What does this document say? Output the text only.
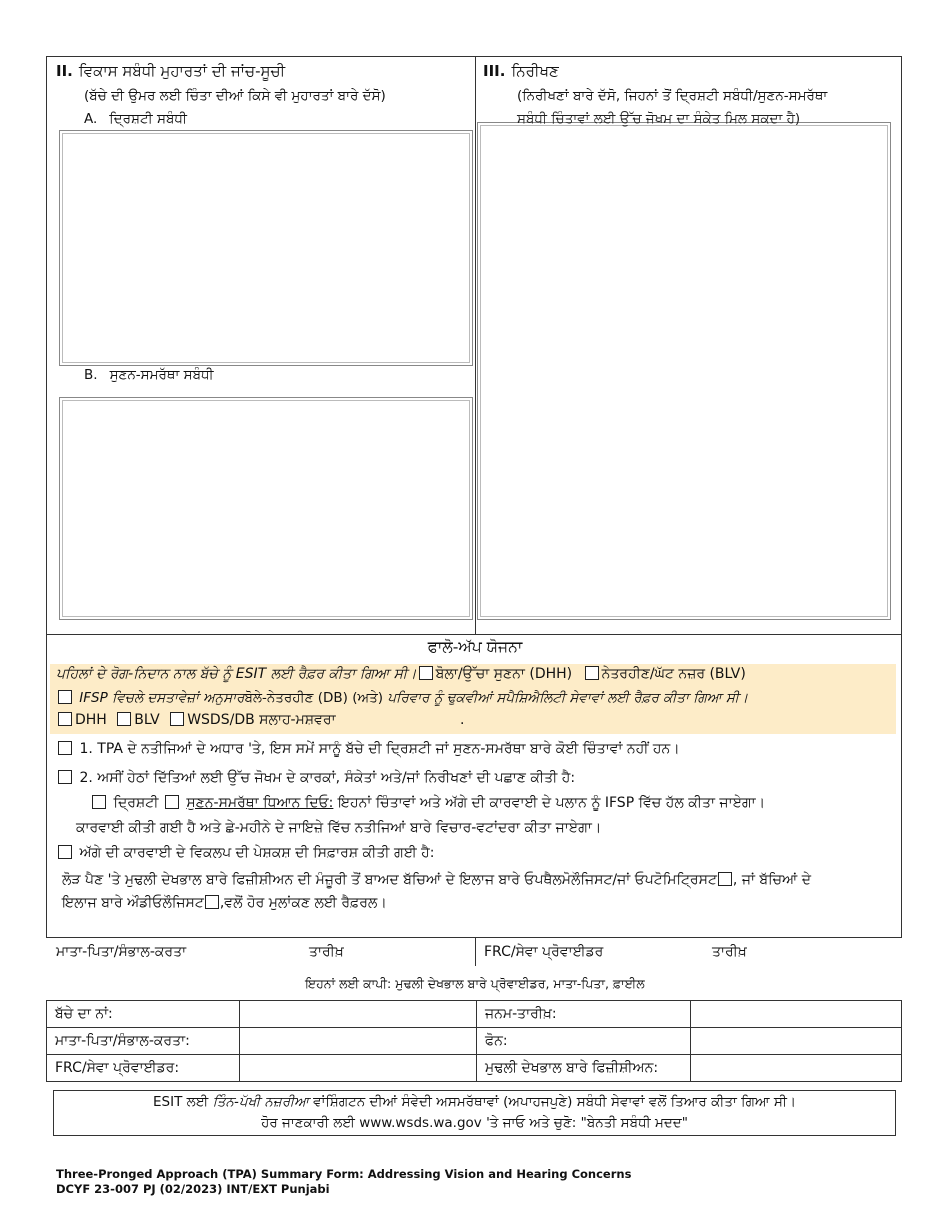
II. ਵਿਕਾਸ ਸਬੰਧੀ ਮੁਹਾਰਤਾਂ ਦੀ ਜਾਂਚ-ਸੂਚੀ
(ਬੱਚੇ ਦੀ ਉਮਰ ਲਈ ਚਿੰਤਾ ਦੀਆਂ ਕਿਸੇ ਵੀ ਮੁਹਾਰਤਾਂ ਬਾਰੇ ਦੱਸੋ)
A. ਦ੍ਰਿਸ਼ਟੀ ਸਬੰਧੀ
B. ਸੁਣਨ-ਸਮਰੱਥਾ ਸਬੰਧੀ
III. ਨਿਰੀਖਣ
(ਨਿਰੀਖਣਾਂ ਬਾਰੇ ਦੱਸੋ, ਜਿਹਨਾਂ ਤੋਂ ਦ੍ਰਿਸ਼ਟੀ ਸਬੰਧੀ/ਸੁਣਨ-ਸਮਰੱਥਾ
ਸਬੰਧੀ ਚਿੰਤਾਵਾਂ ਲਈ ਉੱਚ ਜੋਖਮ ਦਾ ਸੰਕੇਤ ਮਿਲ ਸਕਦਾ ਹੈ)
ਫਾਲੋ-ਅੱਪ ਯੋਜਨਾ
ਪਹਿਲਾਂ ਦੇ ਰੋਗ-ਨਿਦਾਨ ਨਾਲ ਬੱਚੇ ਨੂੰ ESIT ਲਈ ਰੈਫ਼ਰ ਕੀਤਾ ਗਿਆ ਸੀ। ਬੋਲਾ/ਉੱਚਾ ਸੁਣਨਾ (DHH) ਨੇਤਰਹੀਣ/ਘੱਟ ਨਜ਼ਰ (BLV)
IFSP ਵਿਚਲੇ ਦਸਤਾਵੇਜ਼ਾਂ ਅਨੁਸਾਰਬੋਲੇ-ਨੇਤਰਹੀਣ (DB) (ਅਤੇ) ਪਰਿਵਾਰ ਨੂੰ ਢੁਕਵੀਆਂ ਸਪੈਸ਼ਿਐਲਿਟੀ ਸੇਵਾਵਾਂ ਲਈ ਰੈਫ਼ਰ ਕੀਤਾ ਗਿਆ ਸੀ।
DHH BLV WSDS/DB ਸਲਾਹ-ਮਸ਼ਵਰਾ	.
1. TPA ਦੇ ਨਤੀਜਿਆਂ ਦੇ ਅਧਾਰ 'ਤੇ, ਇਸ ਸਮੇਂ ਸਾਨੂੰ ਬੱਚੇ ਦੀ ਦ੍ਰਿਸ਼ਟੀ ਜਾਂ ਸੁਣਨ-ਸਮਰੱਥਾ ਬਾਰੇ ਕੋਈ ਚਿੰਤਾਵਾਂ ਨਹੀਂ ਹਨ।
2. ਅਸੀਂ ਹੇਠਾਂ ਦਿੱਤਿਆਂ ਲਈ ਉੱਚ ਜੋਖਮ ਦੇ ਕਾਰਕਾਂ, ਸੰਕੇਤਾਂ ਅਤੇ/ਜਾਂ ਨਿਰੀਖਣਾਂ ਦੀ ਪਛਾਣ ਕੀਤੀ ਹੈ:
ਦ੍ਰਿਸ਼ਟੀ ਸੁਣਨ-ਸਮਰੱਥਾ ਧਿਆਨ ਦਿਓ: ਇਹਨਾਂ ਚਿੰਤਾਵਾਂ ਅਤੇ ਅੱਗੇ ਦੀ ਕਾਰਵਾਈ ਦੇ ਪਲਾਨ ਨੂੰ IFSP ਵਿੱਚ ਹੱਲ ਕੀਤਾ ਜਾਏਗਾ।
ਕਾਰਵਾਈ ਕੀਤੀ ਗਈ ਹੈ ਅਤੇ ਛੇ-ਮਹੀਨੇ ਦੇ ਜਾਇਜ਼ੇ ਵਿੱਚ ਨਤੀਜਿਆਂ ਬਾਰੇ ਵਿਚਾਰ-ਵਟਾਂਦਰਾ ਕੀਤਾ ਜਾਏਗਾ।
ਅੱਗੇ ਦੀ ਕਾਰਵਾਈ ਦੇ ਵਿਕਲਪ ਦੀ ਪੇਸ਼ਕਸ਼ ਦੀ ਸਿਫ਼ਾਰਸ਼ ਕੀਤੀ ਗਈ ਹੈ:
ਲੋੜ ਪੈਣ 'ਤੇ ਮੁਢਲੀ ਦੇਖਭਾਲ ਬਾਰੇ ਫਿਜ਼ੀਸ਼ੀਅਨ ਦੀ ਮੰਜ਼ੂਰੀ ਤੋਂ ਬਾਅਦ ਬੱਚਿਆਂ ਦੇ ਇਲਾਜ ਬਾਰੇ ਓਪਥੈਲਮੋਲੌਜਿਸਟ/ਜਾਂ ਓਪਟੋਮਿਟ੍ਰਿਸਟ , ਜਾਂ ਬੱਚਿਆਂ ਦੇ
ਇਲਾਜ ਬਾਰੇ ਔਡੀਓਲੌਜਿਸਟ ,ਵਲੋਂ ਹੋਰ ਮੁਲਾਂਕਣ ਲਈ ਰੈਫ਼ਰਲ।
ਮਾਤਾ-ਪਿਤਾ/ਸੰਭਾਲ-ਕਰਤਾ	ਤਾਰੀਖ਼	FRC/ਸੇਵਾ ਪ੍ਰੋਵਾਈਡਰ	ਤਾਰੀਖ਼
ਇਹਨਾਂ ਲਈ ਕਾਪੀ: ਮੁਢਲੀ ਦੇਖਭਾਲ ਬਾਰੇ ਪ੍ਰੋਵਾਈਡਰ, ਮਾਤਾ-ਪਿਤਾ, ਫ਼ਾਈਲ
ਬੱਚੇ ਦਾ ਨਾਂ:		ਜਨਮ-ਤਾਰੀਖ਼:	
ਮਾਤਾ-ਪਿਤਾ/ਸੰਭਾਲ-ਕਰਤਾ:		ਫੋਨ:	
FRC/ਸੇਵਾ ਪ੍ਰੋਵਾਈਡਰ:		ਮੁਢਲੀ ਦੇਖਭਾਲ ਬਾਰੇ ਫਿਜ਼ੀਸ਼ੀਅਨ:	
ESIT ਲਈ ਤਿੰਨ-ਪੱਖੀ ਨਜ਼ਰੀਆ ਵਾਂਸ਼ਿੰਗਟਨ ਦੀਆਂ ਸੰਵੇਦੀ ਅਸਮਰੱਥਾਵਾਂ (ਅਪਾਹਜਪੁਣੇ) ਸਬੰਧੀ ਸੇਵਾਵਾਂ ਵਲੋਂ ਤਿਆਰ ਕੀਤਾ ਗਿਆ ਸੀ।
ਹੋਰ ਜਾਣਕਾਰੀ ਲਈ www.wsds.wa.gov 'ਤੇ ਜਾਓ ਅਤੇ ਚੁਣੋ: "ਬੇਨਤੀ ਸਬੰਧੀ ਮਦਦ"
Three-Pronged Approach (TPA) Summary Form: Addressing Vision and Hearing Concerns
DCYF 23-007 PJ (02/2023) INT/EXT Punjabi
